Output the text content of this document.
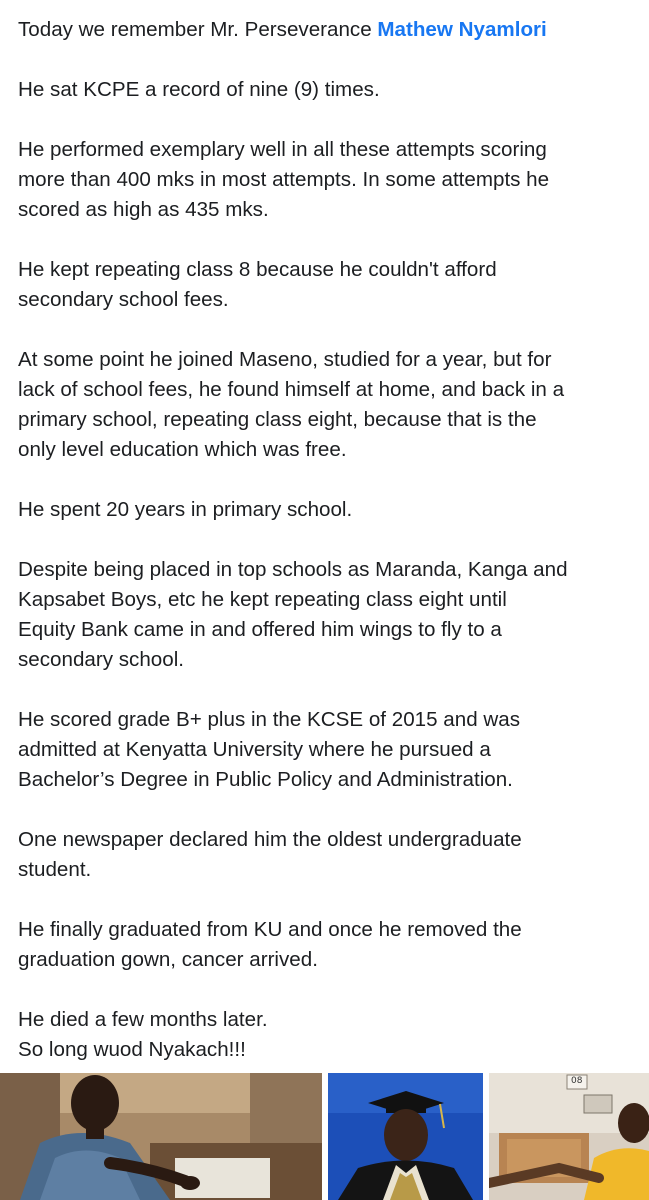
Today we remember Mr. Perseverance Mathew Nyamlori

He sat KCPE a record of nine (9) times.

He performed exemplary well in all these attempts scoring
more than 400 mks in most attempts. In some attempts he
scored as high as 435 mks.

He kept repeating class 8 because he couldn't afford
secondary school fees.

At some point he joined Maseno, studied for a year, but for
lack of school fees, he found himself at home, and back in a
primary school, repeating class eight, because that is the
only level education which was free.

He spent 20 years in primary school.

Despite being placed in top schools as Maranda, Kanga and
Kapsabet Boys, etc he kept repeating class eight until
Equity Bank came in and offered him wings to fly to a
secondary school.

He scored grade B+ plus in the KCSE of 2015 and was
admitted at Kenyatta University where he pursued a
Bachelor’s Degree in Public Policy and Administration.

One newspaper declared him the oldest undergraduate
student.

He finally graduated from KU and once he removed the
graduation gown, cancer arrived.

He died a few months later.
So long wuod Nyakach!!!

08
